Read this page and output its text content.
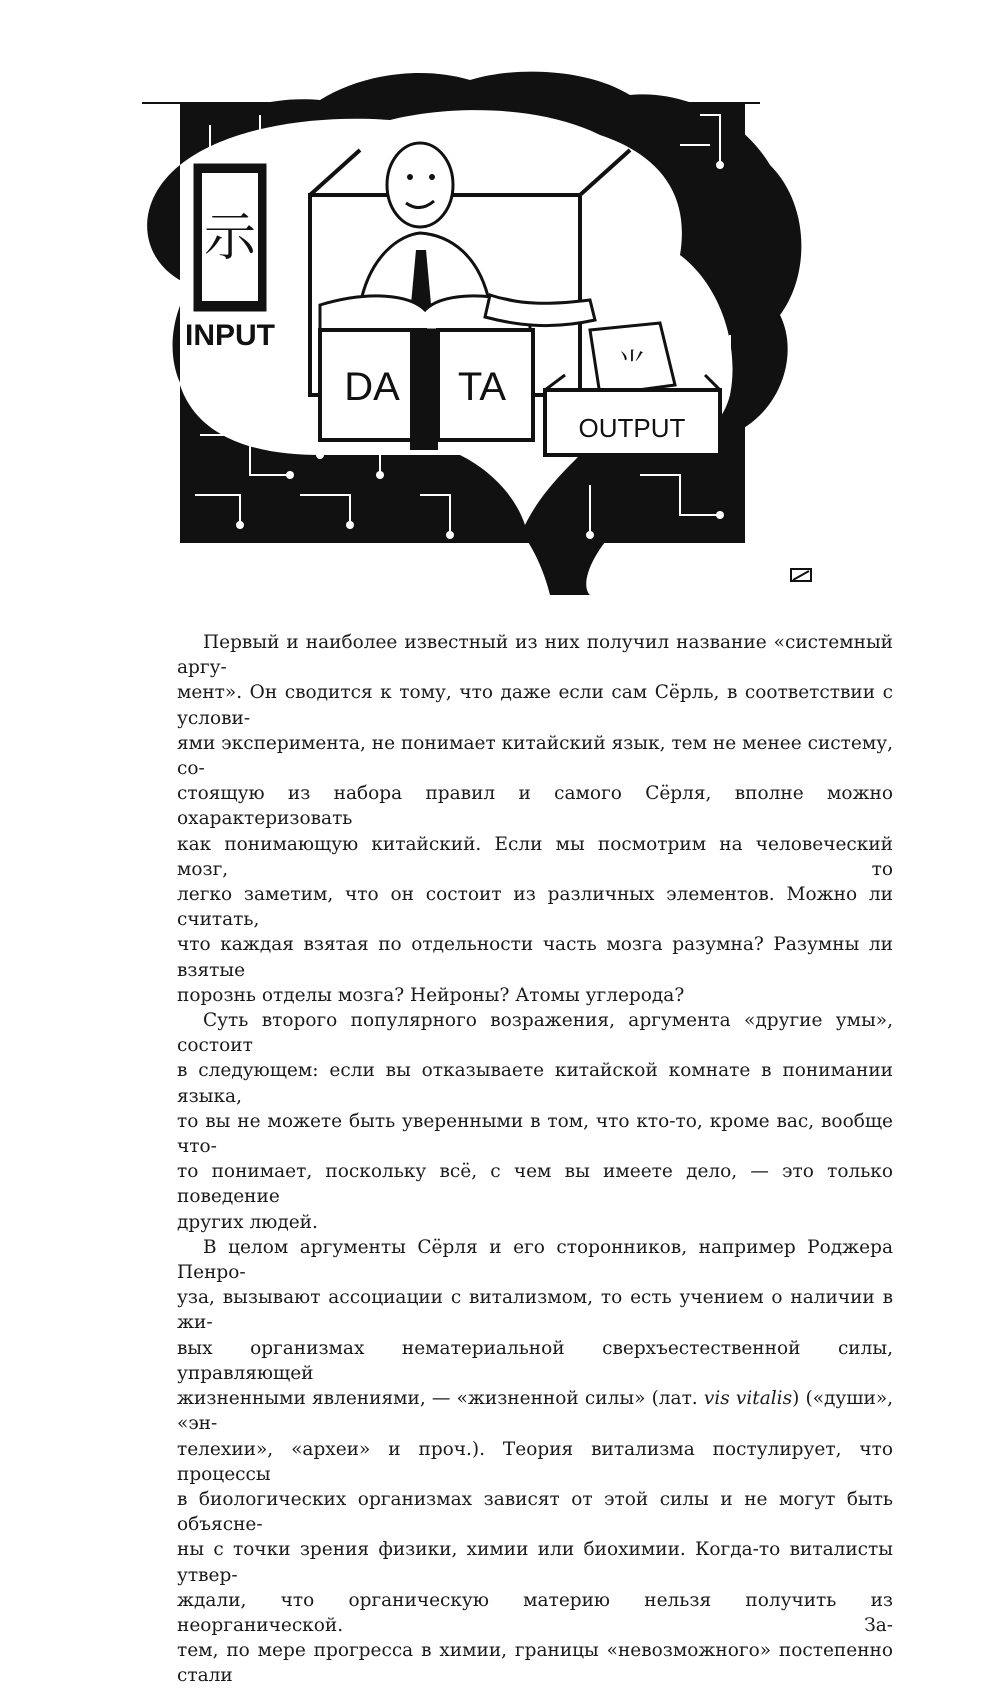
⽰
INPUT
DA TA
⺌
OUTPUT

Первый и наиболее известный из них получил название «системный аргу-
мент». Он сводится к тому, что даже если сам Сёрль, в соответствии с услови-
ями эксперимента, не понимает китайский язык, тем не менее систему, со-
стоящую из набора правил и самого Сёрля, вполне можно охарактеризовать
как понимающую китайский. Если мы посмотрим на человеческий мозг, то
легко заметим, что он состоит из различных элементов. Можно ли считать,
что каждая взятая по отдельности часть мозга разумна? Разумны ли взятые
порознь отделы мозга? Нейроны? Атомы углерода?

Суть второго популярного возражения, аргумента «другие умы», состоит
в следующем: если вы отказываете китайской комнате в понимании языка,
то вы не можете быть уверенными в том, что кто-то, кроме вас, вообще что-
то понимает, поскольку всё, с чем вы имеете дело, — это только поведение
других людей.

В целом аргументы Сёрля и его сторонников, например Роджера Пенро-
уза, вызывают ассоциации с витализмом, то есть учением о наличии в жи-
вых организмах нематериальной сверхъестественной силы, управляющей
жизненными явлениями, — «жизненной силы» (лат. vis vitalis) («души», «эн-
телехии», «археи» и проч.). Теория витализма постулирует, что процессы
в биологических организмах зависят от этой силы и не могут быть объясне-
ны с точки зрения физики, химии или биохимии. Когда-то виталисты утвер-
ждали, что органическую материю нельзя получить из неорганической. За-
тем, по мере прогресса в химии, границы «невозможного» постепенно стали
